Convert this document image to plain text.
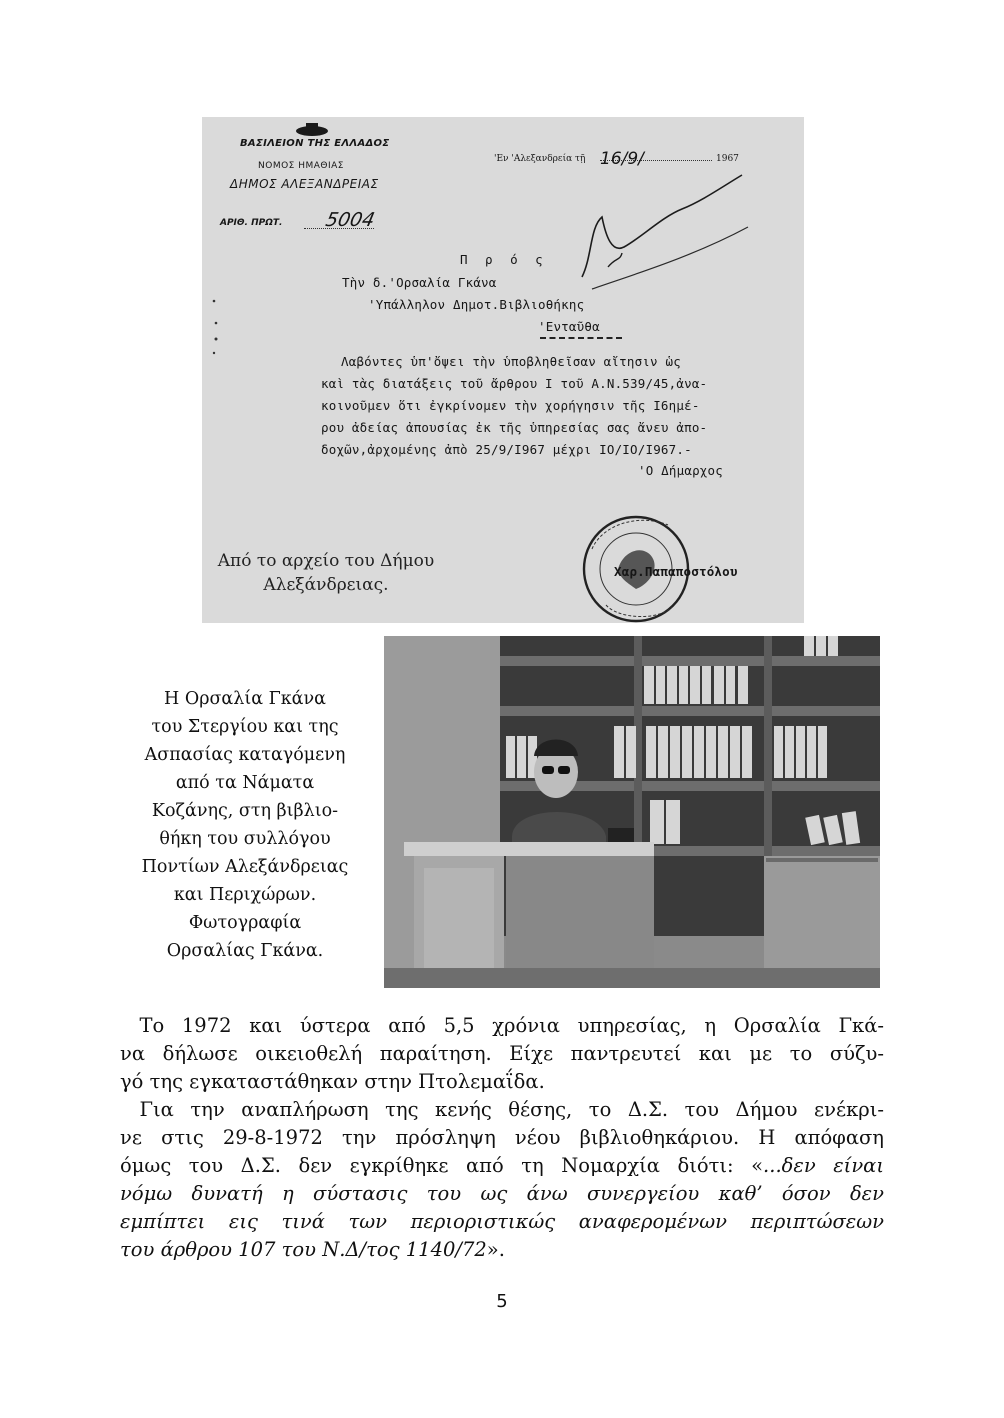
ΒΑΣΙΛΕΙΟΝ ΤΗΣ ΕΛΛΑΔΟΣ
ΝΟΜΟΣ ΗΜΑΘΙΑΣ
ΔΗΜΟΣ ΑΛΕΞΑΝΔΡΕΙΑΣ
'Εν 'Αλεξανδρεία τῇ 16/9/	1967
ΑΡΙΘ. ΠΡΩΤ. 5004
Π ρ ό ς
Τὴν δ.'Ορσαλία Γκάνα
'Υπάλληλον Δημοτ.Βιβλιοθήκης
'Ενταῦθα
Λαβόντες ὑπ'ὄψει τὴν ὑποβληθεῖσαν αἴτησιν ὡς
καὶ τὰς διατάξεις τοῦ ἄρθρου Ι τοῦ Α.Ν.539/45,ἀνα-
κοινοῦμεν ὅτι ἐγκρίνομεν τὴν χορήγησιν τῆς Ι6ημέ-
ρου ἀδείας ἀπουσίας ἐκ τῆς ὑπηρεσίας σας ἄνευ ἀπο-
δοχῶν,ἀρχομένης ἀπὸ 25/9/Ι967 μέχρι ΙΟ/ΙΟ/Ι967.-
'Ο Δήμαρχος
Χαρ.Παπαποστόλου
Από το αρχείο του Δήμου Αλεξάνδρειας.
Η Ορσαλία Γκάνα
του Στεργίου και της
Ασπασίας καταγόμενη
από τα Νάματα
Κοζάνης, στη βιβλιο-
θήκη του συλλόγου
Ποντίων Αλεξάνδρειας
και Περιχώρων.
Φωτογραφία
Ορσαλίας Γκάνα.
 Το 1972 και ύστερα από 5,5 χρόνια υπηρεσίας, η Ορσαλία Γκά-
να δήλωσε οικειοθελή παραίτηση. Είχε παντρευτεί και με το σύζυ-
γό της εγκαταστάθηκαν στην Πτολεμαΐδα.
 Για την αναπλήρωση της κενής θέσης, το Δ.Σ. του Δήμου ενέκρι-
νε στις 29-8-1972 την πρόσληψη νέου βιβλιοθηκάριου. Η απόφαση
όμως του Δ.Σ. δεν εγκρίθηκε από τη Νομαρχία διότι: «...δεν είναι
νόμω δυνατή η σύστασις του ως άνω συνεργείου καθ’ όσον δεν
εμπίπτει εις τινά των περιοριστικώς αναφερομένων περιπτώσεων
του άρθρου 107 του Ν.Δ/τος 1140/72».
5
